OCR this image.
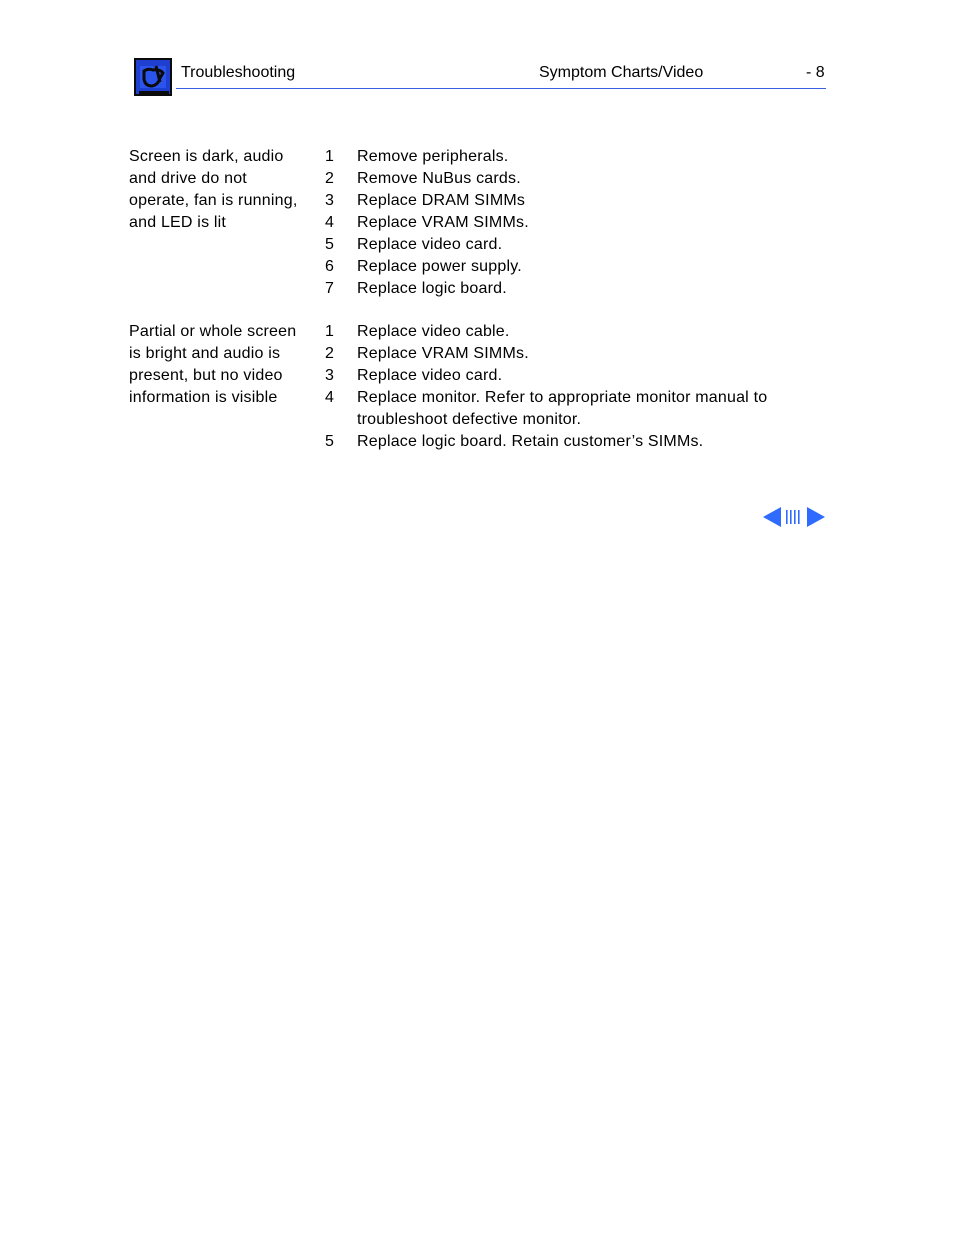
Troubleshooting	Symptom Charts/Video	- 8
Screen is dark, audio and drive do not operate, fan is running, and LED is lit
1	Remove peripherals.
2	Remove NuBus cards.
3	Replace DRAM SIMMs
4	Replace VRAM SIMMs.
5	Replace video card.
6	Replace power supply.
7	Replace logic board.
Partial or whole screen is bright and audio is present, but no video information is visible
1	Replace video cable.
2	Replace VRAM SIMMs.
3	Replace video card.
4	Replace monitor. Refer to appropriate monitor manual to troubleshoot defective monitor.
5	Replace logic board. Retain customer’s SIMMs.
